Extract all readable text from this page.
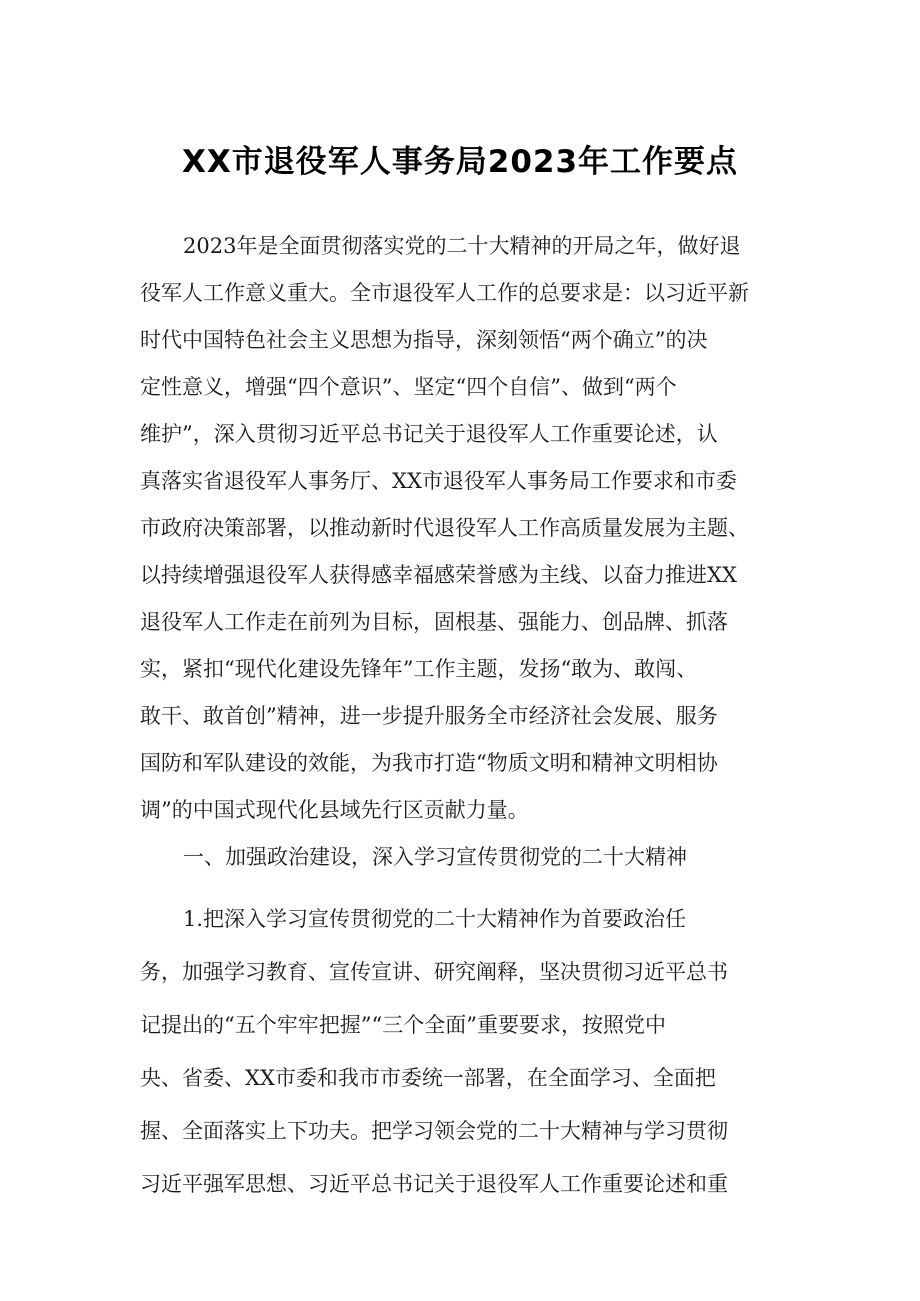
XX市退役军人事务局2023年工作要点
2023年是全面贯彻落实党的二十大精神的开局之年，做好退
役军人工作意义重大。全市退役军人工作的总要求是：以习近平新
时代中国特色社会主义思想为指导，深刻领悟“两个确立”的决
定性意义，增强“四个意识”、坚定“四个自信”、做到“两个
维护”，深入贯彻习近平总书记关于退役军人工作重要论述，认
真落实省退役军人事务厅、XX市退役军人事务局工作要求和市委
市政府决策部署，以推动新时代退役军人工作高质量发展为主题、
以持续增强退役军人获得感幸福感荣誉感为主线、以奋力推进XX
退役军人工作走在前列为目标，固根基、强能力、创品牌、抓落
实，紧扣“现代化建设先锋年”工作主题，发扬“敢为、敢闯、
敢干、敢首创”精神，进一步提升服务全市经济社会发展、服务
国防和军队建设的效能，为我市打造“物质文明和精神文明相协
调”的中国式现代化县域先行区贡献力量。
一、加强政治建设，深入学习宣传贯彻党的二十大精神
1.把深入学习宣传贯彻党的二十大精神作为首要政治任
务，加强学习教育、宣传宣讲、研究阐释，坚决贯彻习近平总书
记提出的“五个牢牢把握”“三个全面”重要要求，按照党中
央、省委、XX市委和我市市委统一部署，在全面学习、全面把
握、全面落实上下功夫。把学习领会党的二十大精神与学习贯彻
习近平强军思想、习近平总书记关于退役军人工作重要论述和重
